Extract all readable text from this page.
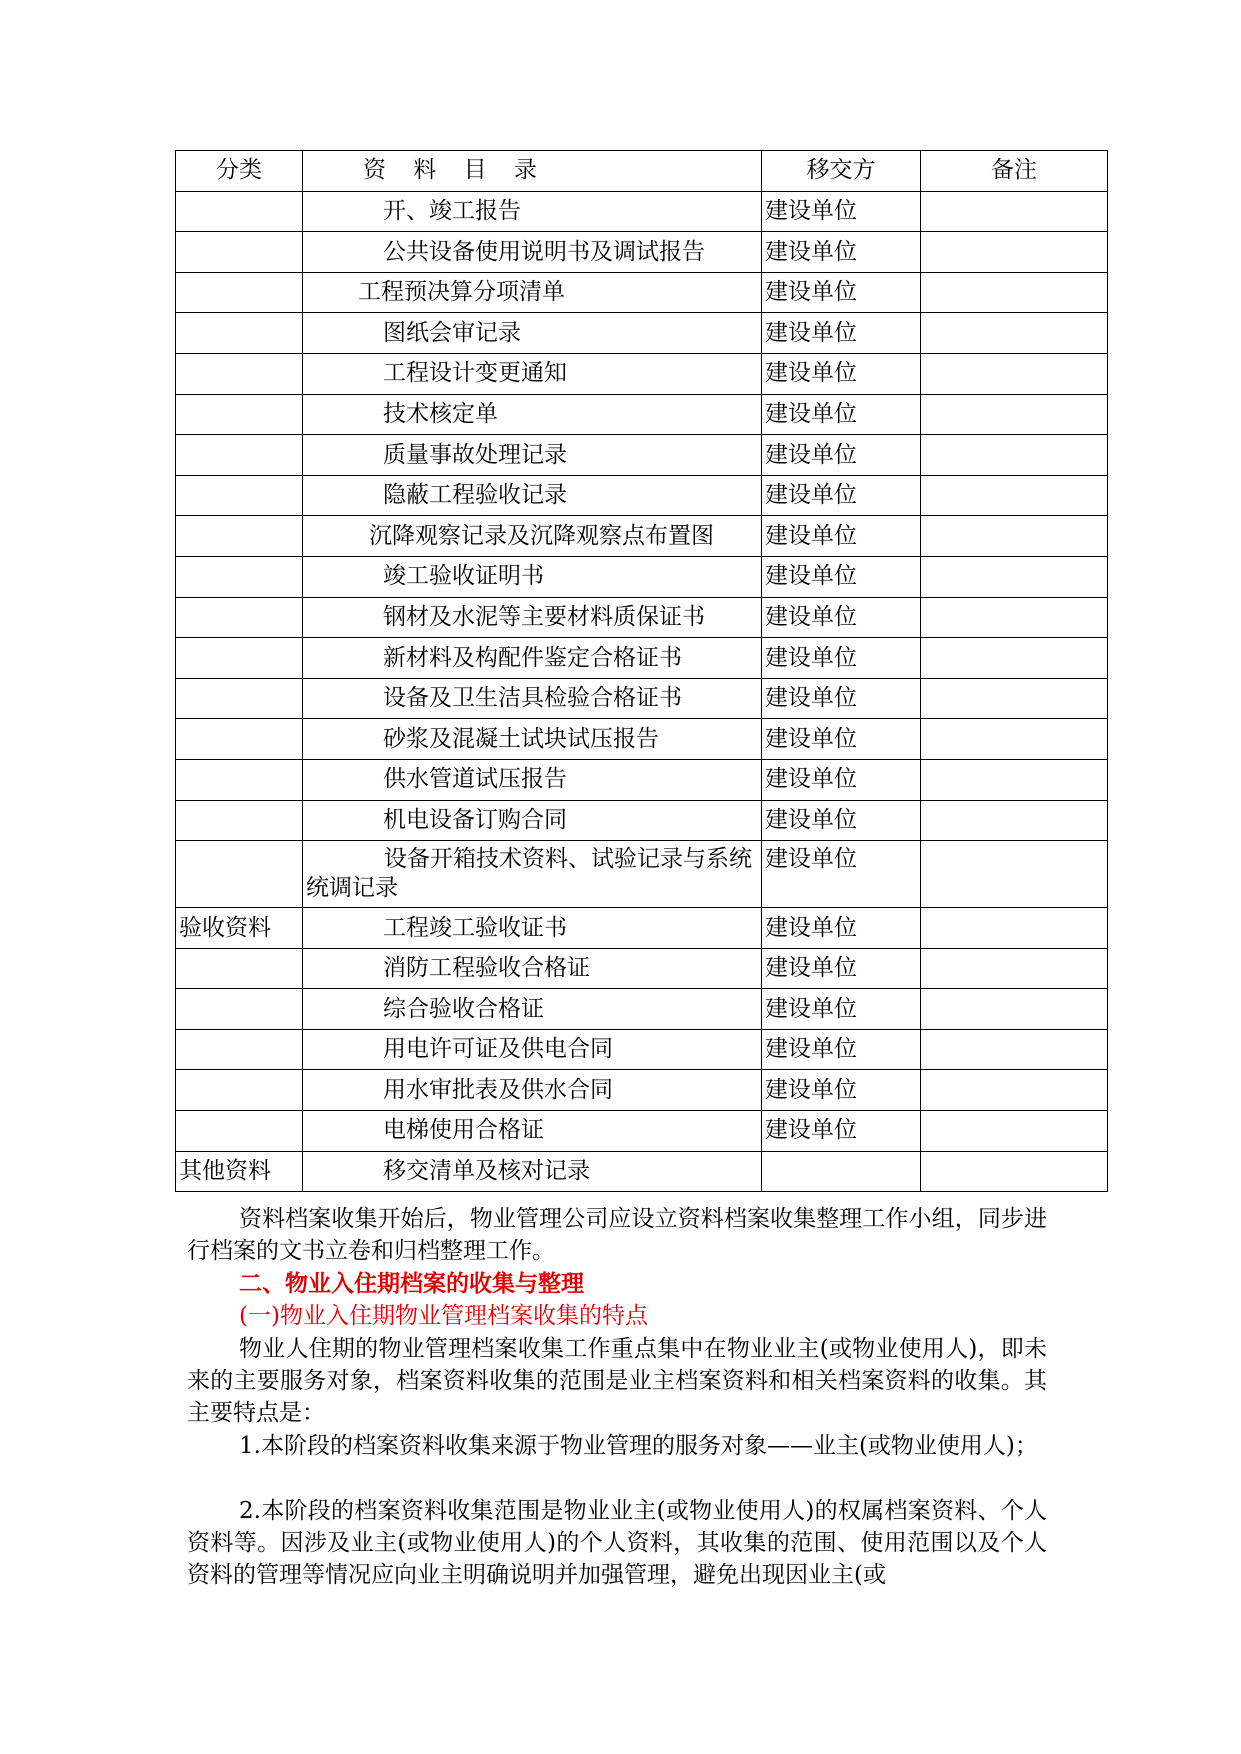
分类	资 料 目 录	移交方	备注
	开、竣工报告	建设单位	
	公共设备使用说明书及调试报告	建设单位	
	工程预决算分项清单	建设单位	
	图纸会审记录	建设单位	
	工程设计变更通知	建设单位	
	技术核定单	建设单位	
	质量事故处理记录	建设单位	
	隐蔽工程验收记录	建设单位	
	沉降观察记录及沉降观察点布置图	建设单位	
	竣工验收证明书	建设单位	
	钢材及水泥等主要材料质保证书	建设单位	
	新材料及构配件鉴定合格证书	建设单位	
	设备及卫生洁具检验合格证书	建设单位	
	砂浆及混凝土试块试压报告	建设单位	
	供水管道试压报告	建设单位	
	机电设备订购合同	建设单位	
	设备开箱技术资料、试验记录与系统统调记录	建设单位	
验收资料	工程竣工验收证书	建设单位	
	消防工程验收合格证	建设单位	
	综合验收合格证	建设单位	
	用电许可证及供电合同	建设单位	
	用水审批表及供水合同	建设单位	
	电梯使用合格证	建设单位	
其他资料	移交清单及核对记录		

资料档案收集开始后，物业管理公司应设立资料档案收集整理工作小组，同步进行档案的文书立卷和归档整理工作。

二、物业入住期档案的收集与整理

(一)物业入住期物业管理档案收集的特点

物业人住期的物业管理档案收集工作重点集中在物业业主(或物业使用人)，即未来的主要服务对象，档案资料收集的范围是业主档案资料和相关档案资料的收集。其主要特点是：

1.本阶段的档案资料收集来源于物业管理的服务对象——业主(或物业使用人)；

2.本阶段的档案资料收集范围是物业业主(或物业使用人)的权属档案资料、个人资料等。因涉及业主(或物业使用人)的个人资料，其收集的范围、使用范围以及个人资料的管理等情况应向业主明确说明并加强管理，避免出现因业主(或
